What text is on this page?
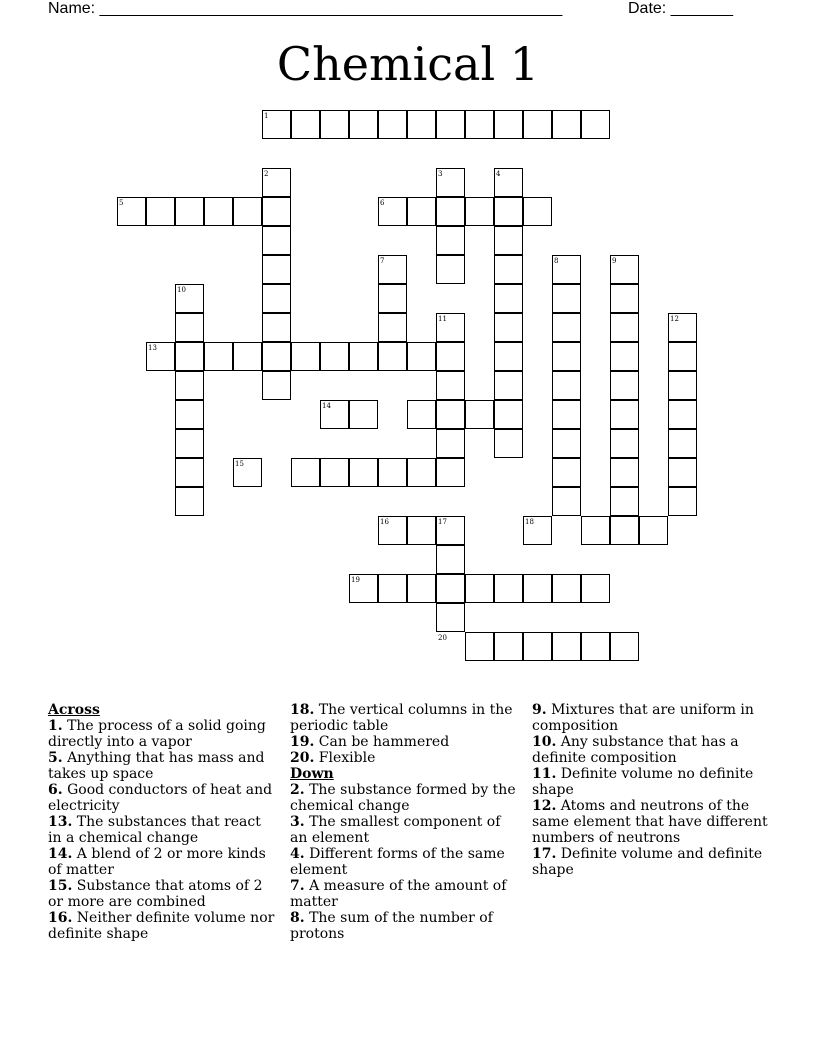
Name: ____________________________________________________	Date: _______
Chemical 1
1
2	3	4
5	6
7	8	9
10
11	12
13
14
15
16	17	18
19
20
Across
1. The process of a solid going directly into a vapor
5. Anything that has mass and takes up space
6. Good conductors of heat and electricity
13. The substances that react in a chemical change
14. A blend of 2 or more kinds of matter
15. Substance that atoms of 2 or more are combined
16. Neither definite volume nor definite shape
18. The vertical columns in the periodic table
19. Can be hammered
20. Flexible
Down
2. The substance formed by the chemical change
3. The smallest component of an element
4. Different forms of the same element
7. A measure of the amount of matter
8. The sum of the number of protons
9. Mixtures that are uniform in composition
10. Any substance that has a definite composition
11. Definite volume no definite shape
12. Atoms and neutrons of the same element that have different numbers of neutrons
17. Definite volume and definite shape
